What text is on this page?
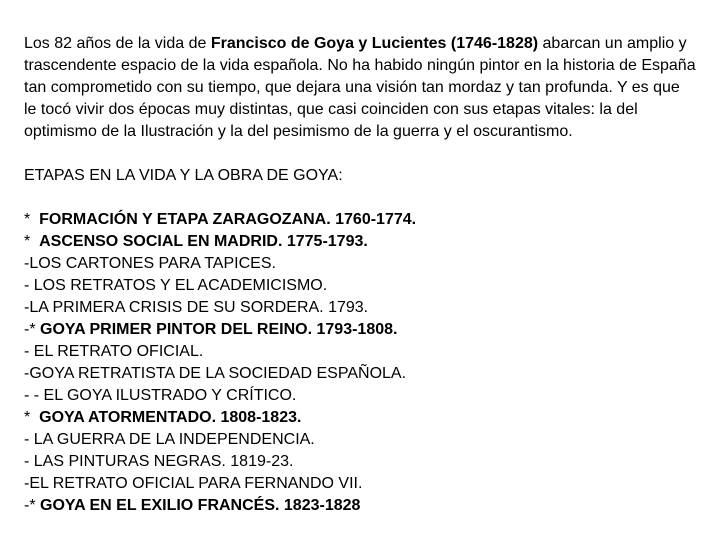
Los 82 años de la vida de Francisco de Goya y Lucientes (1746-1828) abarcan un amplio y trascendente espacio de la vida española. No ha habido ningún pintor en la historia de España tan comprometido con su tiempo, que dejara una visión tan mordaz y tan profunda. Y es que le tocó vivir dos épocas muy distintas, que casi coinciden con sus etapas vitales: la del optimismo de la Ilustración y la del pesimismo de la guerra y el oscurantismo.

ETAPAS EN LA VIDA Y LA OBRA DE GOYA:
*  FORMACIÓN Y ETAPA ZARAGOZANA. 1760-1774.
*  ASCENSO SOCIAL EN MADRID. 1775-1793.
-LOS CARTONES PARA TAPICES.
- LOS RETRATOS Y EL ACADEMICISMO.
-LA PRIMERA CRISIS DE SU SORDERA. 1793.
-* GOYA PRIMER PINTOR DEL REINO. 1793-1808.
- EL RETRATO OFICIAL.
-GOYA RETRATISTA DE LA SOCIEDAD ESPAÑOLA.
- - EL GOYA ILUSTRADO Y CRÍTICO.
*  GOYA ATORMENTADO. 1808-1823.
- LA GUERRA DE LA INDEPENDENCIA.
- LAS PINTURAS NEGRAS. 1819-23.
-EL RETRATO OFICIAL PARA FERNANDO VII.
-* GOYA EN EL EXILIO FRANCÉS. 1823-1828
